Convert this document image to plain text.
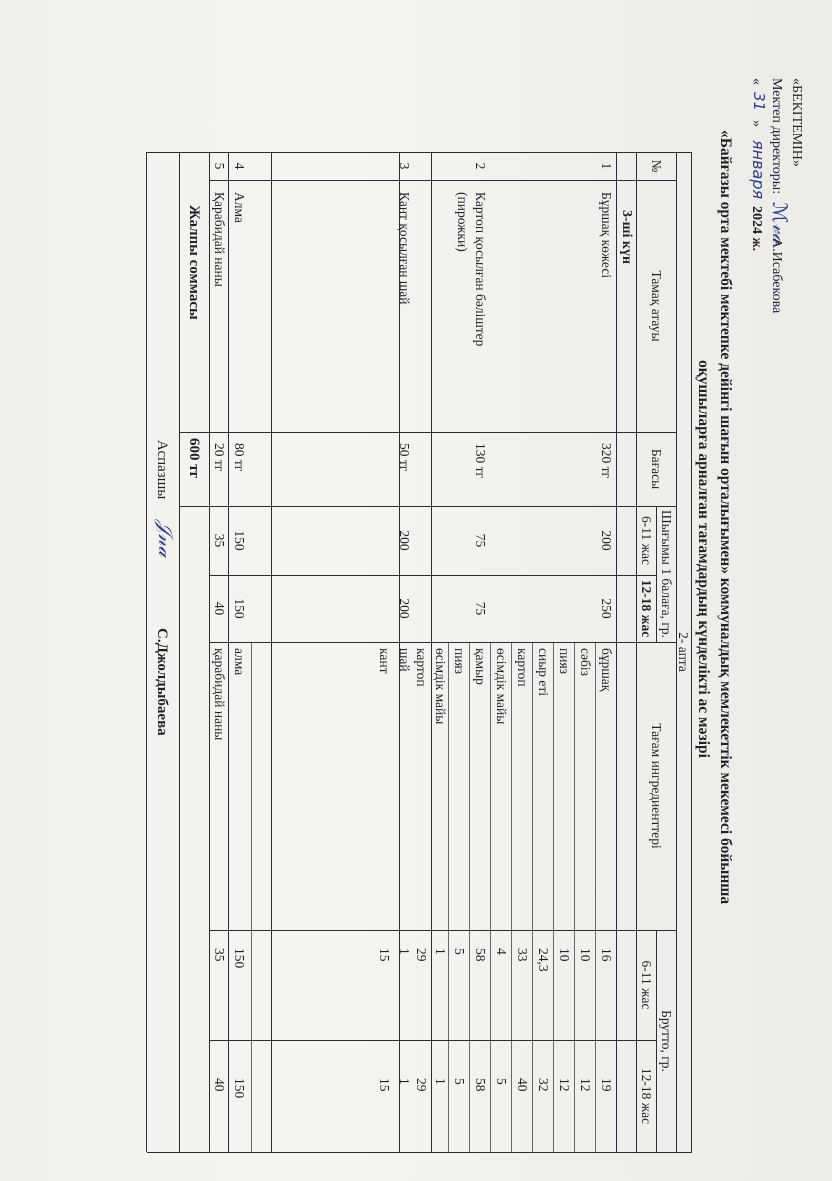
«БЕКІТЕМІН»
Мектеп директоры:
ℳ𝓋𝒶
А.Исабекова
«
31
»
января
2024 ж.
«Байғазы орта мектебі мектепке дейінгі шағын орталығымен» коммуналдық мемлекеттік мекемесі бойынша
оқушыларға арналған тағамдардың күнделікті ас мәзірі
2- апта
№
Тамақ атауы
Бағасы
Шығымы 1 балаға, гр.
6-11 жас
12-18 жас
Тағам ингредиенттері
Брутто, гр.
6-11 жас
12-18 жас
3-ші күн
1
Бұршақ көжесі
320 тг
200
250
бұршақ
16
19
сәбіз
10
12
пияз
10
12
сиыр еті
24,3
32
картоп
33
40
өсімдік майы
4
5
2
Картоп қосылған бәліштер
(пирожки)
130 тг
75
75
қамыр
58
58
пияз
5
5
өсімдік майы
1
1
картоп
29
29
3
Кант қосылған шай
50 тг
200
200
шай
1
1
кант
15
15
4
Алма
80 тг
150
150
алма
150
150
5
Қарабидай наны
20 тг
35
40
қарабидай наны
35
40
Жалпы соммасы
600 тг
Аспазшы
𝒥𝓃𝒶
С.Джолдыбаева
